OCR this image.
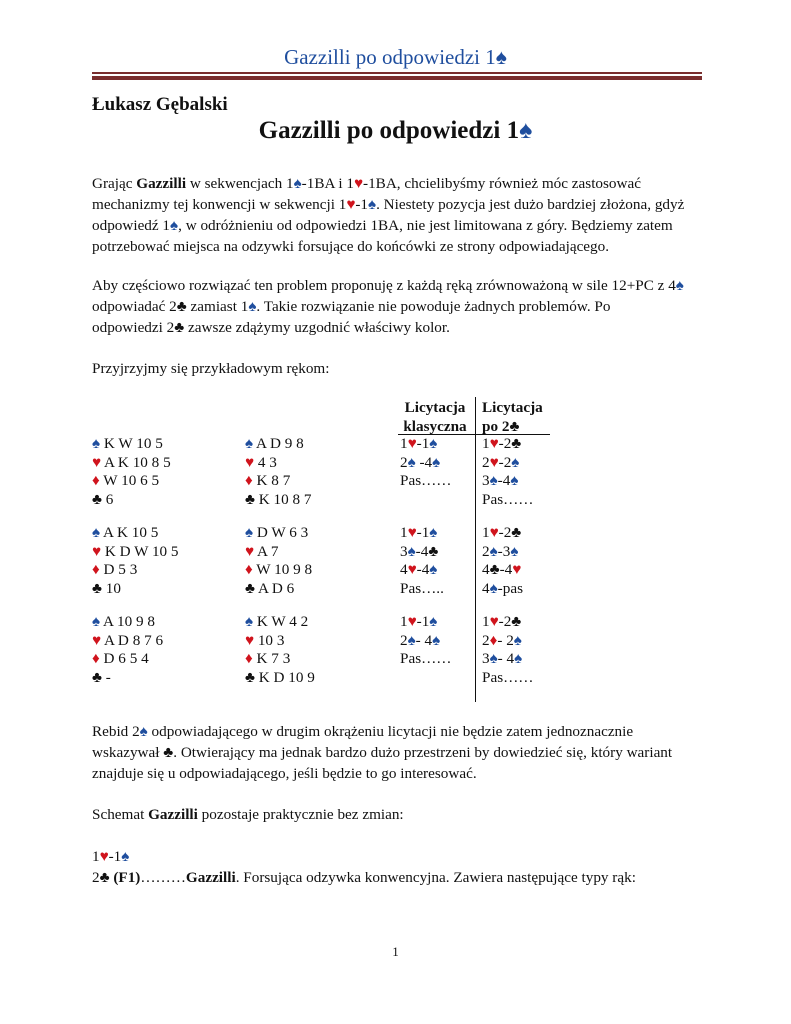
Gazzilli po odpowiedzi 1♠
Łukasz Gębalski
Gazzilli po odpowiedzi 1♠
Grając Gazzilli w sekwencjach 1♠-1BA i 1♥-1BA, chcielibyśmy również móc zastosować
mechanizmy tej konwencji w sekwencji 1♥-1♠. Niestety pozycja jest dużo bardziej złożona, gdyż
odpowiedź 1♠, w odróżnieniu od odpowiedzi 1BA, nie jest limitowana z góry. Będziemy zatem
potrzebować miejsca na odzywki forsujące do końcówki ze strony odpowiadającego.
Aby częściowo rozwiązać ten problem proponuję z każdą ręką zrównoważoną w sile 12+PC z 4♠
odpowiadać 2♣ zamiast 1♠. Takie rozwiązanie nie powoduje żadnych problemów. Po
odpowiedzi 2♣ zawsze zdążymy uzgodnić właściwy kolor.
Przyjrzyjmy się przykładowym rękom:
Licytacja
klasyczna
Licytacja
po 2♣
♠ K W 10 5
♥ A K 10 8 5
♦ W 10 6 5
♣ 6
♠ A D 9 8
♥ 4 3
♦ K 8 7
♣ K 10 8 7
1♥-1♠
2♠ -4♠
Pas……
1♥-2♣
2♥-2♠
3♠-4♠
Pas……
♠ A K 10 5
♥ K D W 10 5
♦ D 5 3
♣ 10
♠ D W 6 3
♥ A 7
♦ W 10 9 8
♣ A D 6
1♥-1♠
3♠-4♣
4♥-4♠
Pas…..
1♥-2♣
2♠-3♠
4♣-4♥
4♠-pas
♠ A 10 9 8
♥ A D 8 7 6
♦ D 6 5 4
♣ -
♠ K W 4 2
♥ 10 3
♦ K 7 3
♣ K D 10 9
1♥-1♠
2♠- 4♠
Pas……
1♥-2♣
2♦- 2♠
3♠- 4♠
Pas……
Rebid 2♠ odpowiadającego w drugim okrążeniu licytacji nie będzie zatem jednoznacznie
wskazywał ♣. Otwierający ma jednak bardzo dużo przestrzeni by dowiedzieć się, który wariant
znajduje się u odpowiadającego, jeśli będzie to go interesować.
Schemat Gazzilli pozostaje praktycznie bez zmian:
1♥-1♠
2♣ (F1)………Gazzilli. Forsująca odzywka konwencyjna. Zawiera następujące typy rąk:
1
